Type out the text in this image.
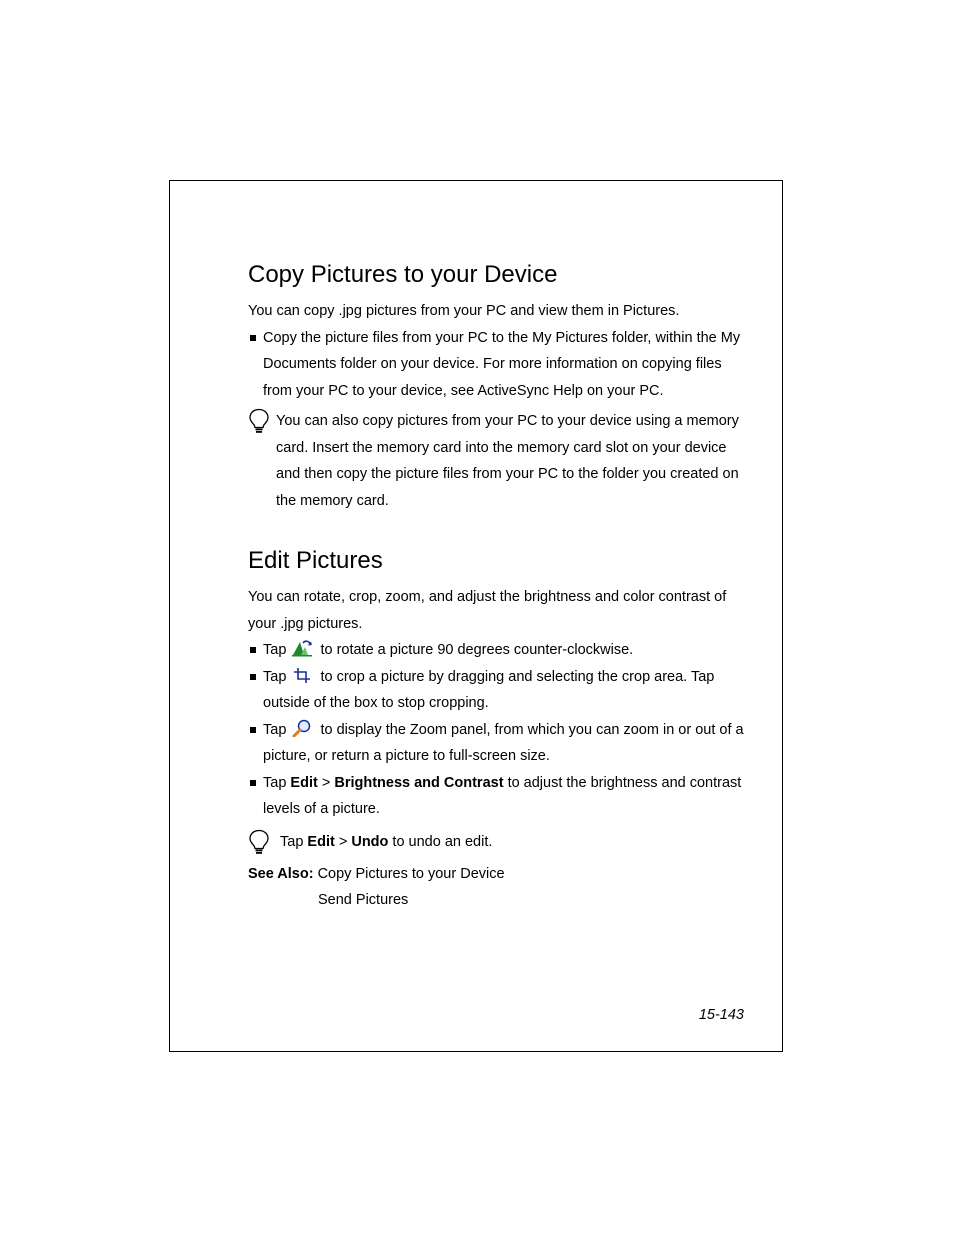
Copy Pictures to your Device

You can copy .jpg pictures from your PC and view them in Pictures.

Copy the picture files from your PC to the My Pictures folder, within the My Documents folder on your device. For more information on copying files from your PC to your device, see ActiveSync Help on your PC.
You can also copy pictures from your PC to your device using a memory card. Insert the memory card into the memory card slot on your device and then copy the picture files from your PC to the folder you created on the memory card.
Edit Pictures

You can rotate, crop, zoom, and adjust the brightness and color contrast of your .jpg pictures.

Tap to rotate a picture 90 degrees counter-clockwise.
Tap to crop a picture by dragging and selecting the crop area. Tap outside of the box to stop cropping.
Tap to display the Zoom panel, from which you can zoom in or out of a picture, or return a picture to full-screen size.
Tap Edit > Brightness and Contrast to adjust the brightness and contrast levels of a picture.
Tap Edit > Undo to undo an edit.
See Also: Copy Pictures to your Device
Send Pictures
15-143
